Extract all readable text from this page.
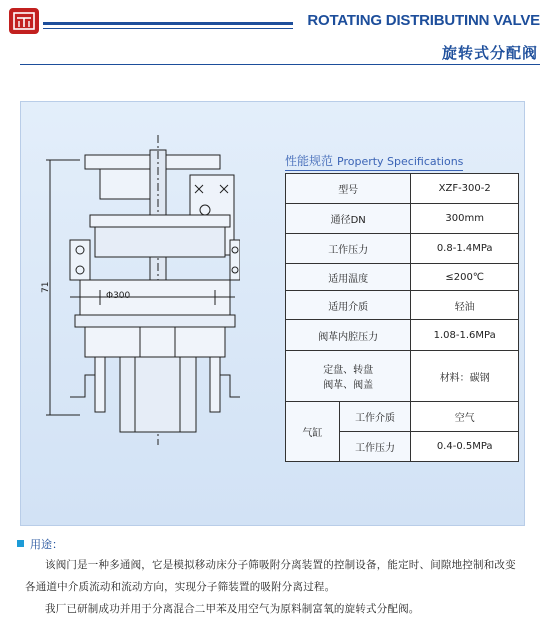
ROTATING DISTRIBUTINN VALVE
旋转式分配阀
71
Φ300
性能规范 Property Specifications
型号		XZF-300-2
通径DN		300mm
工作压力		0.8-1.4MPa
适用温度		≤200℃
适用介质		轻油
阀革内腔压力		1.08-1.6MPa

定盘、转盘
阀革、阀盖		材料：碳钢
气缸	工作介质	空气
	工作压力	0.4-0.5MPa
用途：
该阀门是一种多通阀，它是模拟移动床分子筛吸附分离装置的控制设备，能定时、间隙地控制和改变各通道中介质流动和流动方向，实现分子筛装置的吸附分离过程。
我厂已研制成功并用于分离混合二甲苯及用空气为原料制富氧的旋转式分配阀。
